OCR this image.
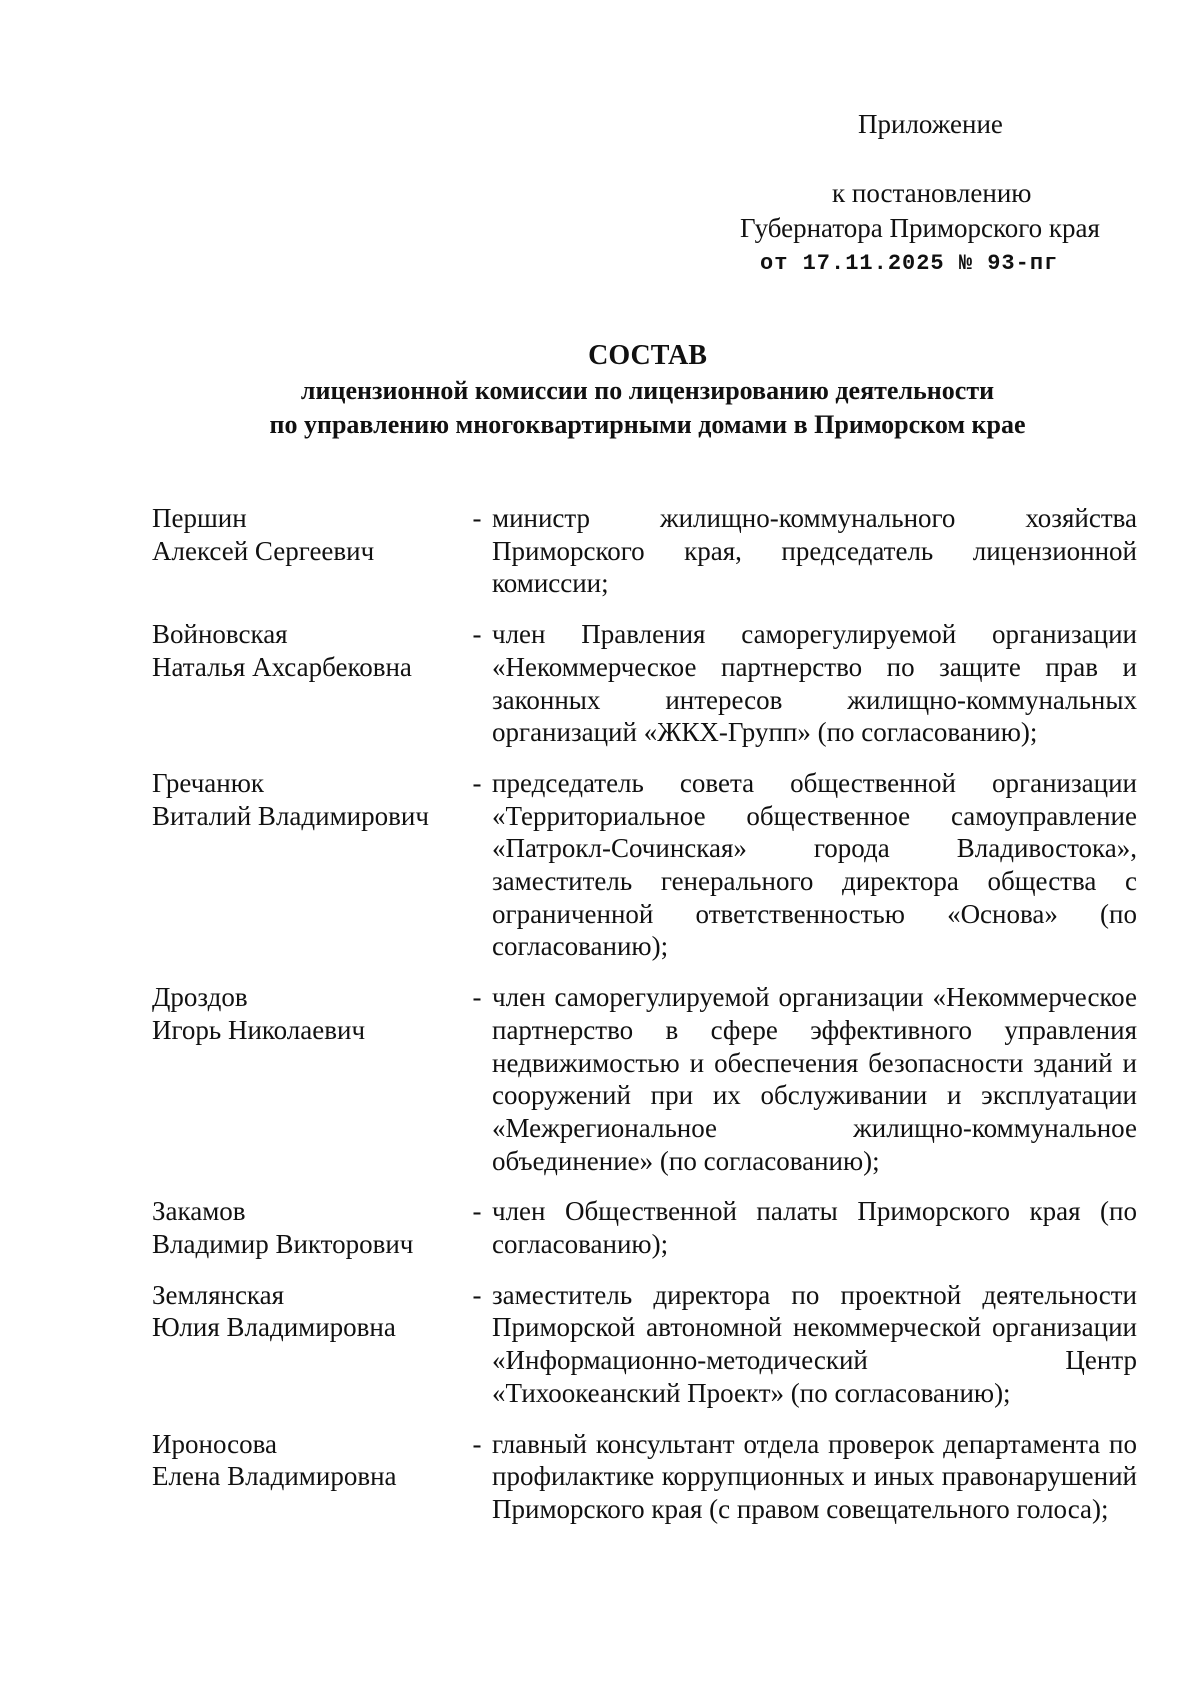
Приложение
к постановлению
Губернатора Приморского края
от 17.11.2025 № 93-пг
СОСТАВ
лицензионной комиссии по лицензированию деятельности
по управлению многоквартирными домами в Приморском крае
Першин
Алексей Сергеевич
- министр жилищно-коммунального хозяйства Приморского края, председатель лицензионной комиссии;
Войновская
Наталья Ахсарбековна
- член Правления саморегулируемой организации «Некоммерческое партнерство по защите прав и законных интересов жилищно-коммунальных организаций «ЖКХ-Групп» (по согласованию);
Гречанюк
Виталий Владимирович
- председатель совета общественной организации «Территориальное общественное самоуправление «Патрокл-Сочинская» города Владивостока», заместитель генерального директора общества с ограниченной ответственностью «Основа» (по согласованию);
Дроздов
Игорь Николаевич
- член саморегулируемой организации «Некоммерческое партнерство в сфере эффективного управления недвижимостью и обеспечения безопасности зданий и сооружений при их обслуживании и эксплуатации «Межрегиональное жилищно-коммунальное объединение» (по согласованию);
Закамов
Владимир Викторович
- член Общественной палаты Приморского края (по согласованию);
Землянская
Юлия Владимировна
- заместитель директора по проектной деятельности Приморской автономной некоммерческой организации «Информационно-методический Центр «Тихоокеанский Проект» (по согласованию);
Ироносова
Елена Владимировна
- главный консультант отдела проверок департамента по профилактике коррупционных и иных правонарушений Приморского края (с правом совещательного голоса);
